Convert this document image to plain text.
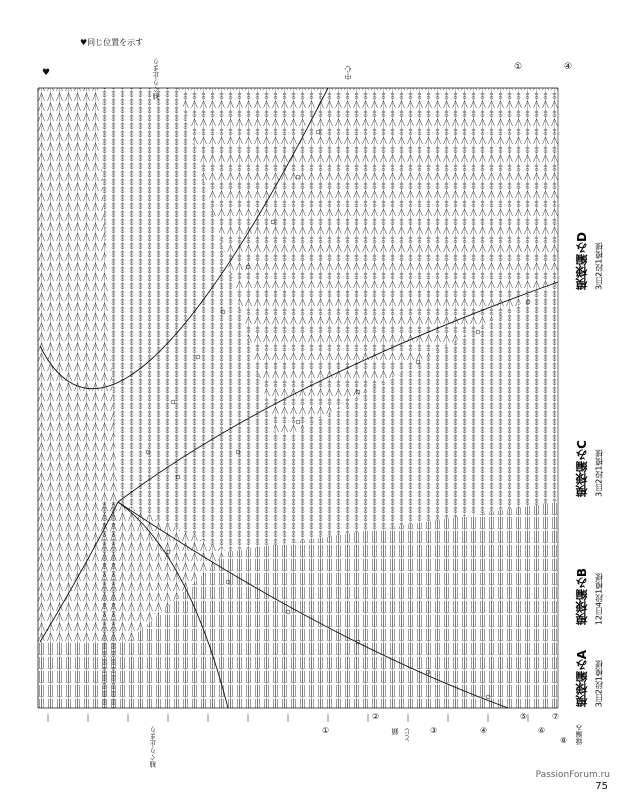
♥同じ位置を示す
♥	袖ぐり止まり	中心	①	④
模様編みD 3目2段1模様
模様編みC 3目2段1模様
模様編みB 12目4段1模様
模様編みA 3目2段1模様
袖ぐり止まり	鎖 とじ	縁編み
①
②
③	④
⑤
⑥
⑦
⑧
PassionForum.ru
75
